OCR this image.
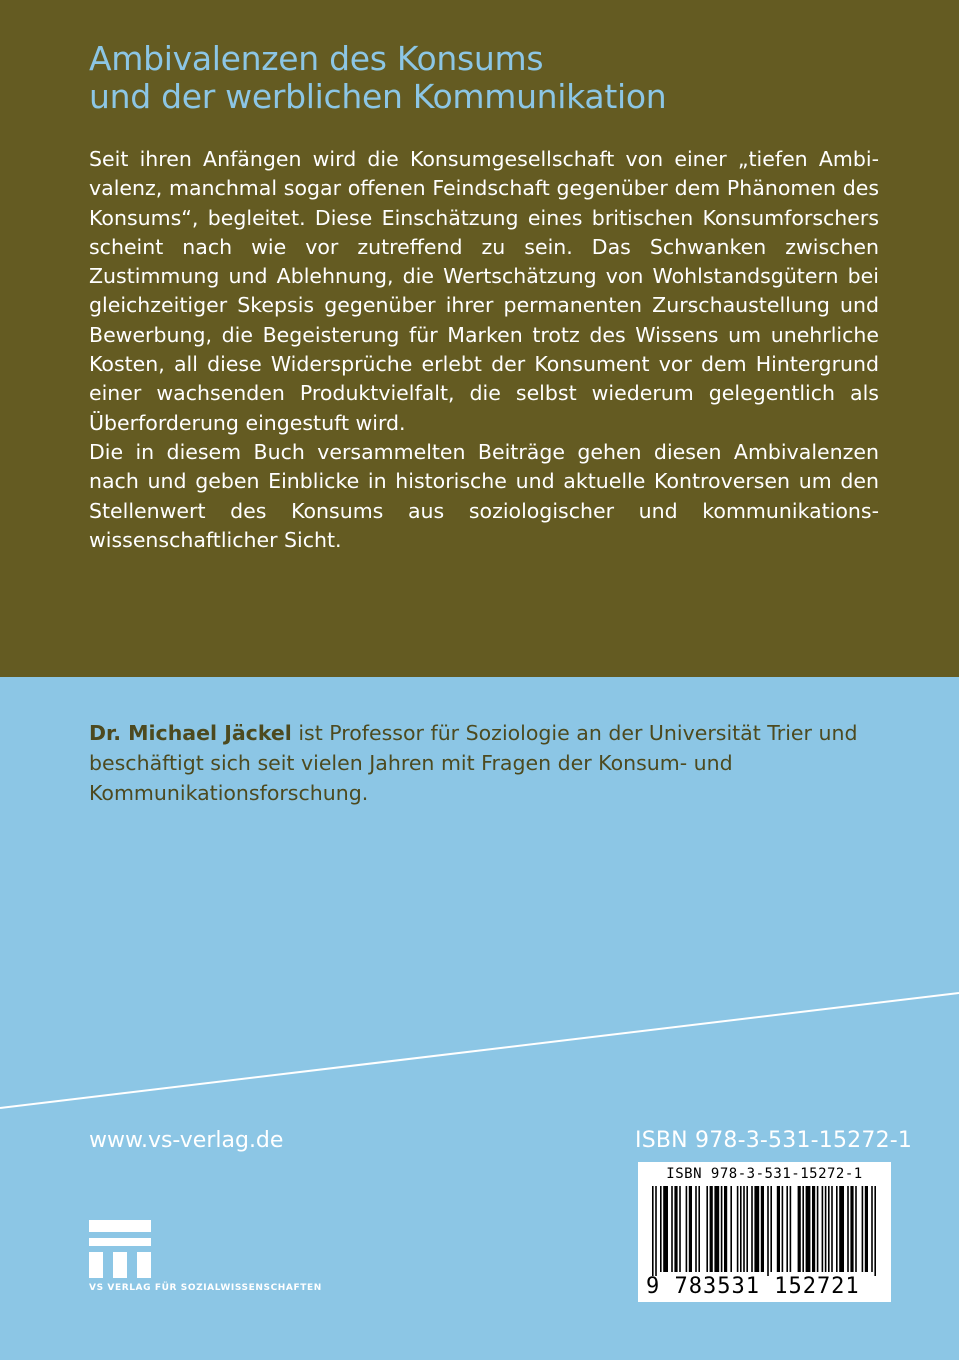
Ambivalenzen des Konsums
und der werblichen Kommunikation

Seit ihren Anfängen wird die Konsumgesellschaft von einer „tiefen Ambivalenz, manchmal sogar offenen Feindschaft gegenüber dem Phänomen des Konsums“, begleitet. Diese Einschätzung eines britischen Konsumforschers scheint nach wie vor zutreffend zu sein. Das Schwanken zwischen Zustimmung und Ablehnung, die Wertschätzung von Wohlstandsgütern bei gleichzeitiger Skepsis gegenüber ihrer permanenten Zurschaustellung und Bewerbung, die Begeisterung für Marken trotz des Wissens um unehrliche Kosten, all diese Widersprüche erlebt der Konsument vor dem Hintergrund einer wachsenden Produktvielfalt, die selbst wiederum gelegentlich als Überforderung eingestuft wird.

Die in diesem Buch versammelten Beiträge gehen diesen Ambivalenzen nach und geben Einblicke in historische und aktuelle Kontroversen um den Stellenwert des Konsums aus soziologischer und kommunikationswissenschaftlicher Sicht.

Dr. Michael Jäckel ist Professor für Soziologie an der Universität Trier und beschäftigt sich seit vielen Jahren mit Fragen der Konsum- und Kommunikationsforschung.
www.vs-verlag.de	ISBN 978-3-531-15272-1
ISBN 978-3-531-15272-1
9 783531 152721
VS VERLAG FÜR SOZIALWISSENSCHAFTEN
